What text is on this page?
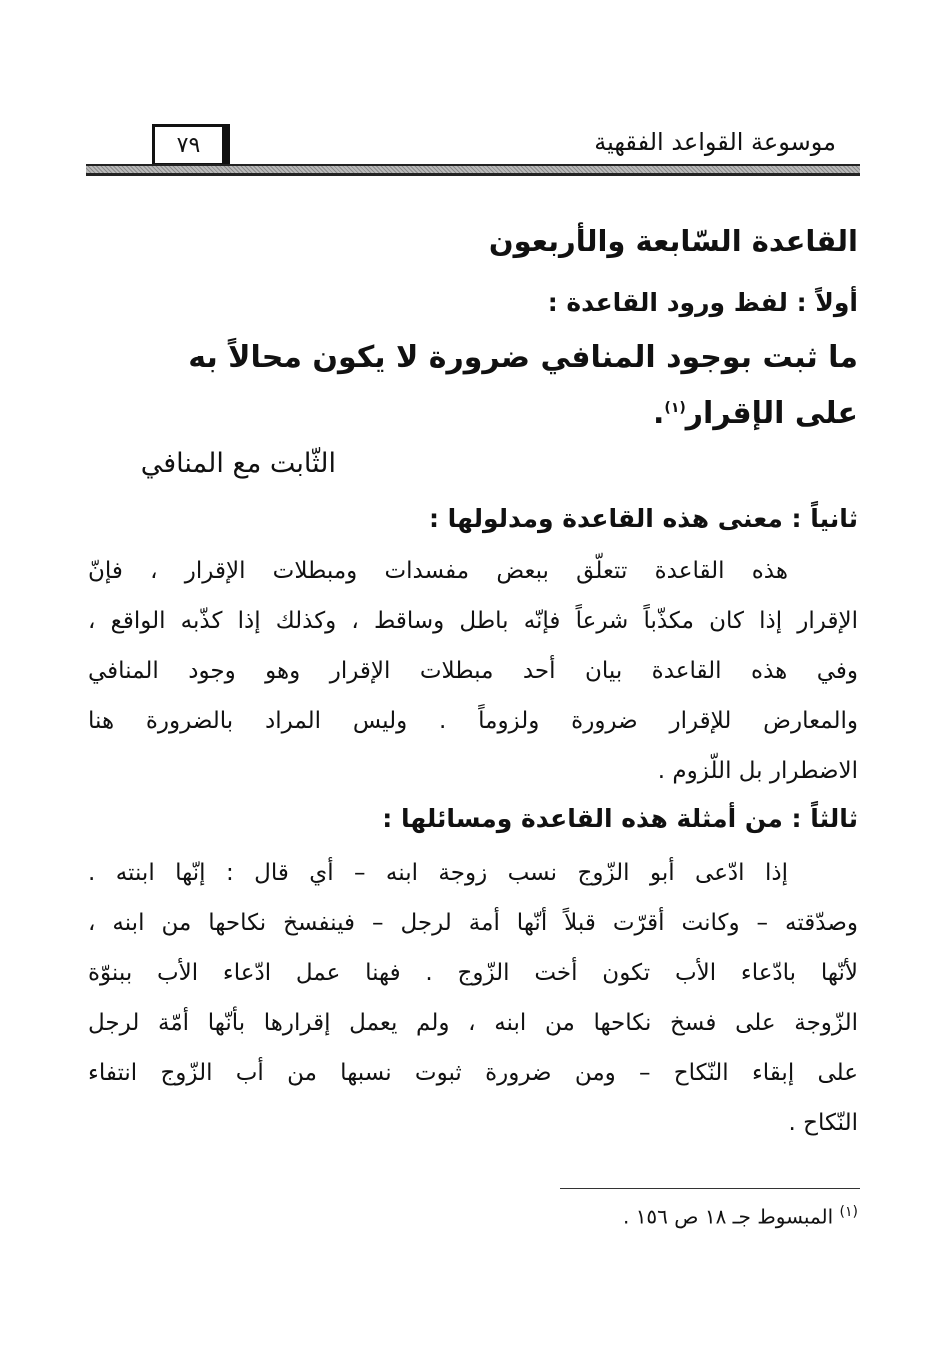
موسوعة القواعد الفقهية
٧٩
القاعدة السّابعة والأربعون
أولاً : لفظ ورود القاعدة :
ما ثبت بوجود المنافي ضرورة لا يكون محالاً به
على الإقرار$^{(١)}$.
الثّابت مع المنافي
ثانياً : معنى هذه القاعدة ومدلولها :
هذه القاعدة تتعلّق ببعض مفسدات ومبطلات الإقرار ، فإنّ
الإقرار إذا كان مكذّباً شرعاً فإنّه باطل وساقط ، وكذلك إذا كذّبه الواقع ،
وفي هذه القاعدة بيان أحد مبطلات الإقرار وهو وجود المنافي
والمعارض للإقرار ضرورة ولزوماً . وليس المراد بالضرورة هنا
الاضطرار بل اللّزوم .
ثالثاً : من أمثلة هذه القاعدة ومسائلها :
إذا ادّعى أبو الزّوج نسب زوجة ابنه – أي قال : إنّها ابنته .
وصدّقته – وكانت أقرّت قبلاً أنّها أمة لرجل – فينفسخ نكاحها من ابنه ،
لأنّها بادّعاء الأب تكون أخت الزّوج . فهنا عمل ادّعاء الأب ببنوّة
الزّوجة على فسخ نكاحها من ابنه ، ولم يعمل إقرارها بأنّها أمّة لرجل
على إبقاء النّكاح – ومن ضرورة ثبوت نسبها من أب الزّوج انتفاء
النّكاح .
$^{(١)}$ المبسوط جـ ١٨ ص ١٥٦ .
